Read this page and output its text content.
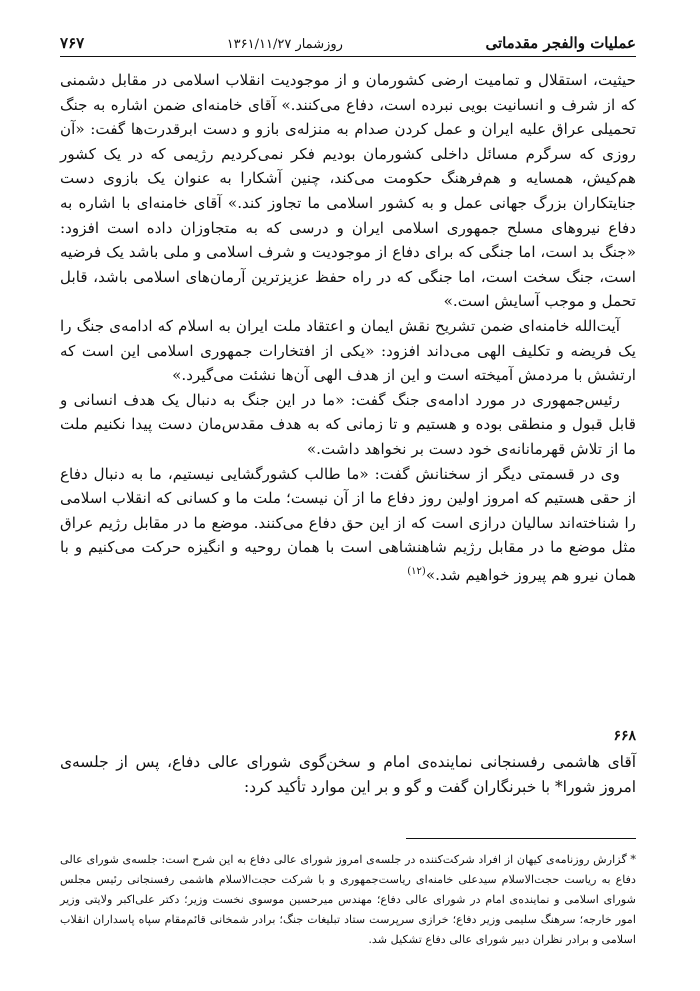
عملیات والفجر مقدماتی
روزشمار ۱۳۶۱/۱۱/۲۷
۷۶۷

حیثیت، استقلال و تمامیت ارضی کشورمان و از موجودیت انقلاب اسلامی در مقابل دشمنی که از شرف و انسانیت بویی نبرده است، دفاع می‌کنند.» آقای خامنه‌ای ضمن اشاره به جنگ تحمیلی عراق علیه ایران و عمل کردن صدام به منزله‌ی بازو و دست ابرقدرت‌ها گفت: «آن روزی که سرگرم مسائل داخلی کشورمان بودیم فکر نمی‌کردیم رژیمی که در یک کشور هم‌کیش، همسایه و هم‌فرهنگ حکومت می‌کند، چنین آشکارا به عنوان یک بازوی دست جنایتکاران بزرگ جهانی عمل و به کشور اسلامی ما تجاوز کند.» آقای خامنه‌ای با اشاره به دفاع نیروهای مسلح جمهوری اسلامی ایران و درسی که به متجاوزان داده است افزود: «جنگ بد است، اما جنگی که برای دفاع از موجودیت و شرف اسلامی و ملی باشد یک فرضیه است، جنگ سخت است، اما جنگی که در راه حفظ عزیزترین آرمان‌های اسلامی باشد، قابل تحمل و موجب آسایش است.»

آیت‌الله خامنه‌ای ضمن تشریح نقش ایمان و اعتقاد ملت ایران به اسلام که ادامه‌ی جنگ را یک فریضه و تکلیف الهی می‌داند افزود: «یکی از افتخارات جمهوری اسلامی این است که ارتشش با مردمش آمیخته است و این از هدف الهی آن‌ها نشئت می‌گیرد.»

رئیس‌جمهوری در مورد ادامه‌ی جنگ گفت: «ما در این جنگ به دنبال یک هدف انسانی و قابل قبول و منطقی بوده و هستیم و تا زمانی که به هدف مقدس‌مان دست پیدا نکنیم ملت ما از تلاش قهرمانانه‌ی خود دست بر نخواهد داشت.»

وی در قسمتی دیگر از سخنانش گفت: «ما طالب کشورگشایی نیستیم، ما به دنبال دفاع از حقی هستیم که امروز اولین روز دفاع ما از آن نیست؛ ملت ما و کسانی که انقلاب اسلامی را شناخته‌اند سالیان درازی است که از این حق دفاع می‌کنند. موضع ما در مقابل رژیم عراق مثل موضع ما در مقابل رژیم شاهنشاهی است با همان روحیه و انگیزه حرکت می‌کنیم و با همان نیرو هم پیروز خواهیم شد.»$^{(۱۲)}$

۶۶۸
آقای هاشمی رفسنجانی نماینده‌ی امام و سخن‌گوی شورای عالی دفاع، پس از جلسه‌ی امروز شورا* با خبرنگاران گفت و گو و بر این موارد تأکید کرد:
* گزارش روزنامه‌ی کیهان از افراد شرکت‌کننده در جلسه‌ی امروز شورای عالی دفاع به این شرح است: جلسه‌ی شورای عالی دفاع به ریاست حجت‌الاسلام سیدعلی خامنه‌ای ریاست‌جمهوری و با شرکت حجت‌الاسلام هاشمی رفسنجانی رئیس مجلس شورای اسلامی و نماینده‌ی امام در شورای عالی دفاع؛ مهندس میرحسین موسوی نخست وزیر؛ دکتر علی‌اکبر ولایتی وزیر امور خارجه؛ سرهنگ سلیمی وزیر دفاع؛ خرازی سرپرست ستاد تبلیغات جنگ؛ برادر شمخانی قائم‌مقام سپاه پاسداران انقلاب اسلامی و برادر نظران دبیر شورای عالی دفاع تشکیل شد.
